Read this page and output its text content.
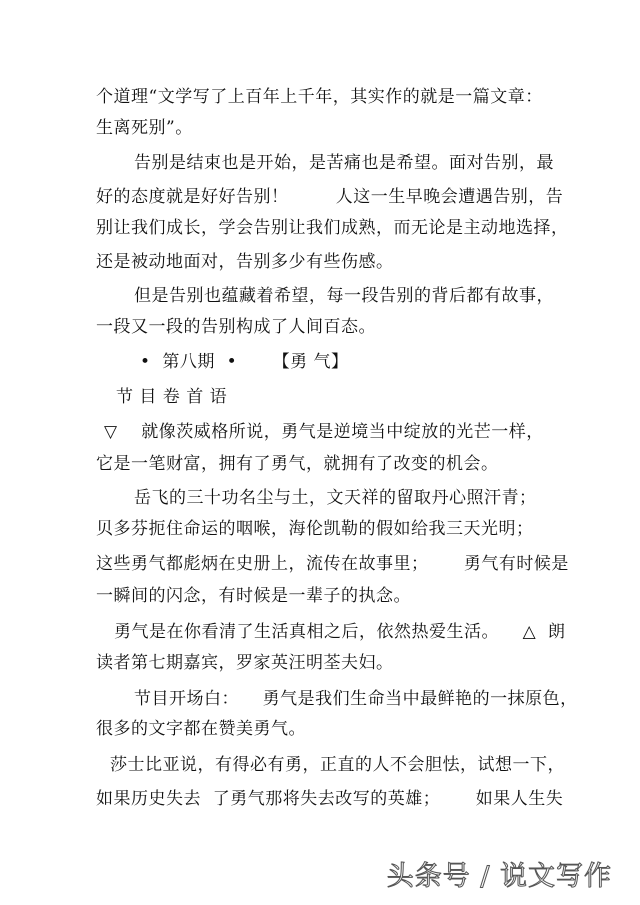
个道理“文学写了上百年上千年，其实作的就是一篇文章：
生离死别”。
告别是结束也是开始，是苦痛也是希望。面对告别，最
好的态度就是好好告别！        人这一生早晚会遭遇告别，告
别让我们成长，学会告别让我们成熟，而无论是主动地选择，
还是被动地面对，告别多少有些伤感。
但是告别也蕴藏着希望，每一段告别的背后都有故事，
一段又一段的告别构成了人间百态。
•  第八期  •      【勇 气】
节 目 卷 首 语
▽    就像茨威格所说，勇气是逆境当中绽放的光芒一样，
它是一笔财富，拥有了勇气，就拥有了改变的机会。
岳飞的三十功名尘与土，文天祥的留取丹心照汗青；
贝多芬扼住命运的咽喉，海伦凯勒的假如给我三天光明；
这些勇气都彪炳在史册上，流传在故事里；      勇气有时候是
一瞬间的闪念，有时候是一辈子的执念。
勇气是在你看清了生活真相之后，依然热爱生活。    △  朗
读者第七期嘉宾，罗家英汪明荃夫妇。
节目开场白：    勇气是我们生命当中最鲜艳的一抹原色，
很多的文字都在赞美勇气。
莎士比亚说，有得必有勇，正直的人不会胆怯，试想一下，
如果历史失去  了勇气那将失去改写的英雄；      如果人生失
头条号 / 说文写作
